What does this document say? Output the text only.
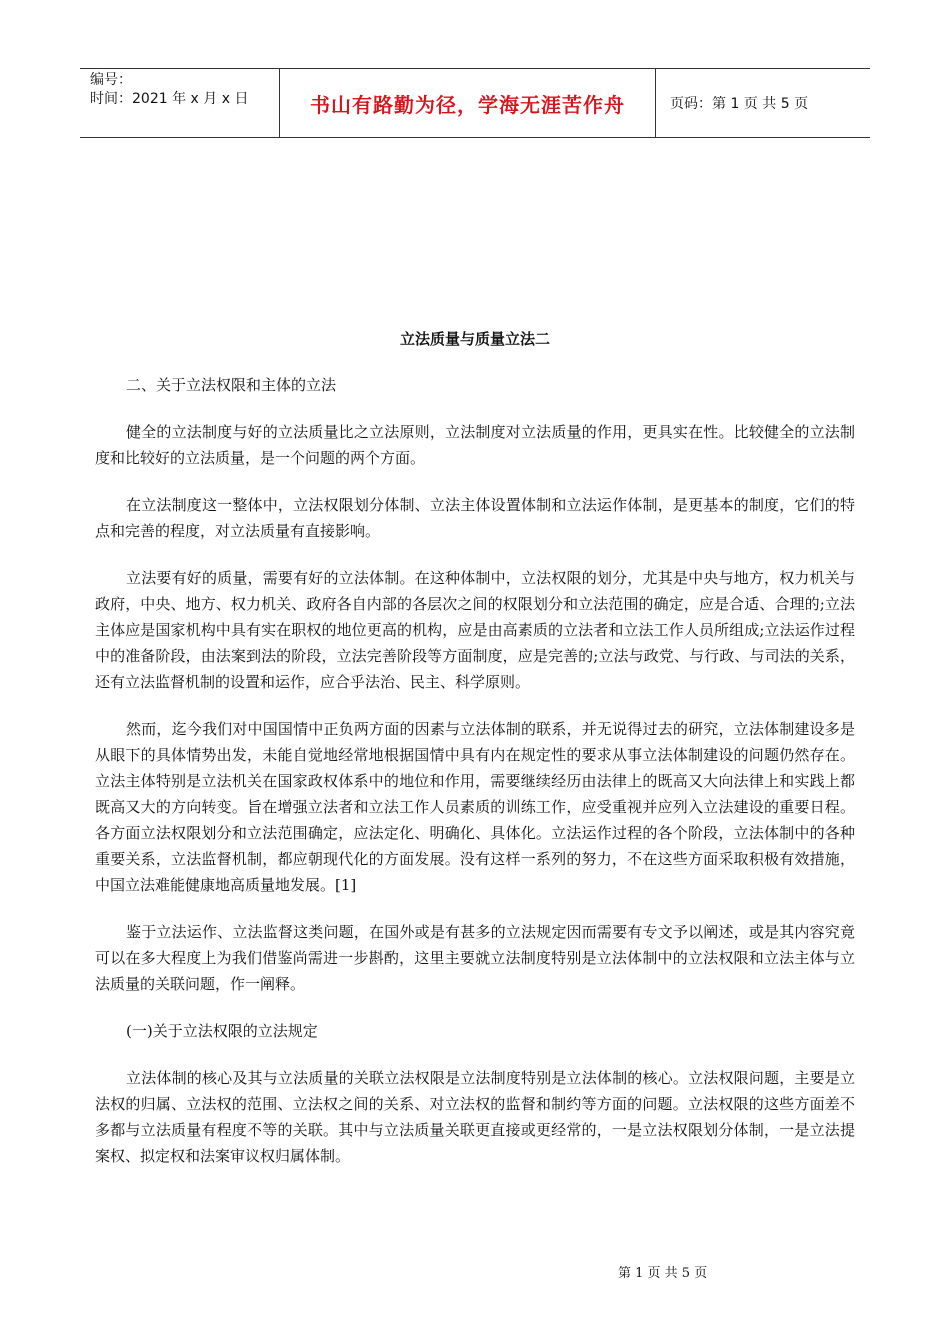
编号：
时间：2021 年 x 月 x 日	书山有路勤为径，学海无涯苦作舟	页码：第 1 页 共 5 页
立法质量与质量立法二

二、关于立法权限和主体的立法

健全的立法制度与好的立法质量比之立法原则，立法制度对立法质量的作用，更具实在性。比较健全的立法制度和比较好的立法质量，是一个问题的两个方面。

在立法制度这一整体中，立法权限划分体制、立法主体设置体制和立法运作体制，是更基本的制度，它们的特点和完善的程度，对立法质量有直接影响。

立法要有好的质量，需要有好的立法体制。在这种体制中，立法权限的划分，尤其是中央与地方，权力机关与政府，中央、地方、权力机关、政府各自内部的各层次之间的权限划分和立法范围的确定，应是合适、合理的;立法主体应是国家机构中具有实在职权的地位更高的机构，应是由高素质的立法者和立法工作人员所组成;立法运作过程中的准备阶段，由法案到法的阶段，立法完善阶段等方面制度，应是完善的;立法与政党、与行政、与司法的关系，还有立法监督机制的设置和运作，应合乎法治、民主、科学原则。

然而，迄今我们对中国国情中正负两方面的因素与立法体制的联系，并无说得过去的研究，立法体制建设多是从眼下的具体情势出发，未能自觉地经常地根据国情中具有内在规定性的要求从事立法体制建设的问题仍然存在。立法主体特别是立法机关在国家政权体系中的地位和作用，需要继续经历由法律上的既高又大向法律上和实践上都既高又大的方向转变。旨在增强立法者和立法工作人员素质的训练工作，应受重视并应列入立法建设的重要日程。各方面立法权限划分和立法范围确定，应法定化、明确化、具体化。立法运作过程的各个阶段，立法体制中的各种重要关系，立法监督机制，都应朝现代化的方面发展。没有这样一系列的努力，不在这些方面采取积极有效措施，中国立法难能健康地高质量地发展。[1]

鉴于立法运作、立法监督这类问题，在国外或是有甚多的立法规定因而需要有专文予以阐述，或是其内容究竟可以在多大程度上为我们借鉴尚需进一步斟酌，这里主要就立法制度特别是立法体制中的立法权限和立法主体与立法质量的关联问题，作一阐释。

(一)关于立法权限的立法规定

立法体制的核心及其与立法质量的关联立法权限是立法制度特别是立法体制的核心。立法权限问题，主要是立法权的归属、立法权的范围、立法权之间的关系、对立法权的监督和制约等方面的问题。立法权限的这些方面差不多都与立法质量有程度不等的关联。其中与立法质量关联更直接或更经常的，一是立法权限划分体制，一是立法提案权、拟定权和法案审议权归属体制。

第 1 页 共 5 页
